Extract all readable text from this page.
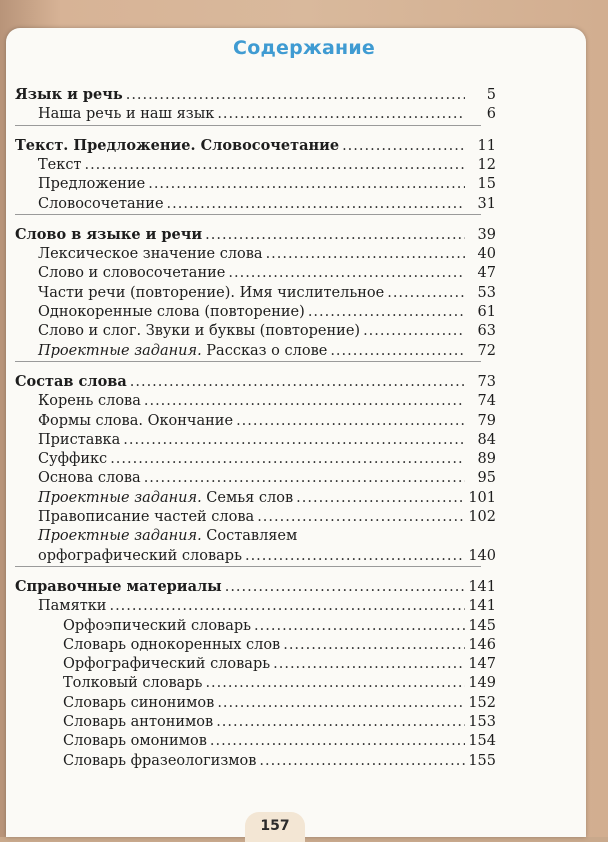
Содержание
Язык и речь .....	5
Наша речь и наш язык .....	6
Текст. Предложение. Словосочетание .....	11
Текст .....	12
Предложение .....	15
Словосочетание .....	31
Слово в языке и речи .....	39
Лексическое значение слова .....	40
Слово и словосочетание .....	47
Части речи (повторение). Имя числительное .....	53
Однокоренные слова (повторение) .....	61
Слово и слог. Звуки и буквы (повторение) .....	63
Проектные задания. Рассказ о слове .....	72
Состав слова .....	73
Корень слова .....	74
Формы слова. Окончание .....	79
Приставка .....	84
Суффикс .....	89
Основа слова .....	95
Проектные задания. Семья слов .....	101
Правописание частей слова .....	102
Проектные задания. Составляем
орфографический словарь .....	140
Справочные материалы .....	141
Памятки .....	141
Орфоэпический словарь .....	145
Словарь однокоренных слов .....	146
Орфографический словарь .....	147
Толковый словарь .....	149
Словарь синонимов .....	152
Словарь антонимов .....	153
Словарь омонимов .....	154
Словарь фразеологизмов .....	155
157
